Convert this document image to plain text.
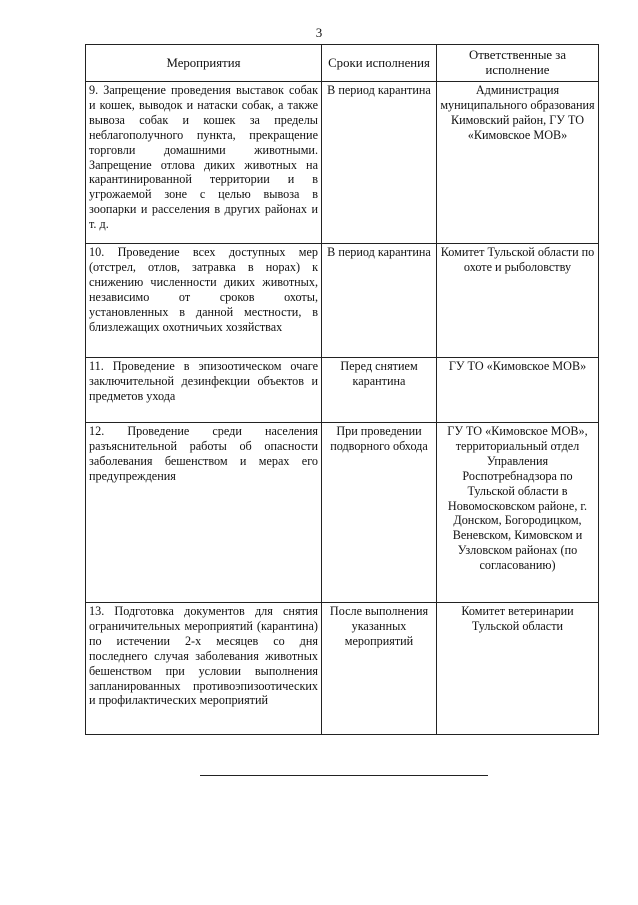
3
Мероприятия	Сроки исполнения	Ответственные за исполнение
9. Запрещение проведения выставок собак и кошек, выводок и натаски собак, а также вывоза собак и кошек за пределы неблагополучного пункта, прекращение торговли домашними животными. Запрещение отлова диких животных на карантинированной территории и в угрожаемой зоне с целью вывоза в зоопарки и расселения в других районах и т. д.	В период карантина	Администрация муниципального образования Кимовский район, ГУ ТО «Кимовское МОВ»
10. Проведение всех доступных мер (отстрел, отлов, затравка в норах) к снижению численности диких животных, независимо от сроков охоты, установленных в данной местности, в близлежащих охотничьих хозяйствах	В период карантина	Комитет Тульской области по охоте и рыболовству
11. Проведение в эпизоотическом очаге заключительной дезинфекции объектов и предметов ухода	Перед снятием карантина	ГУ ТО «Кимовское МОВ»
12. Проведение среди населения разъяснительной работы об опасности заболевания бешенством и мерах его предупреждения	При проведении подворного обхода	ГУ ТО «Кимовское МОВ», территориальный отдел Управления Роспотребнадзора по Тульской области в Новомосковском районе, г. Донском, Богородицком, Веневском, Кимовском и Узловском районах (по согласованию)
13. Подготовка документов для снятия ограничительных мероприятий (карантина) по истечении 2-х месяцев со дня последнего случая заболевания животных бешенством при условии выполнения запланированных противоэпизоотических и профилактических мероприятий	После выполнения указанных мероприятий	Комитет ветеринарии Тульской области
